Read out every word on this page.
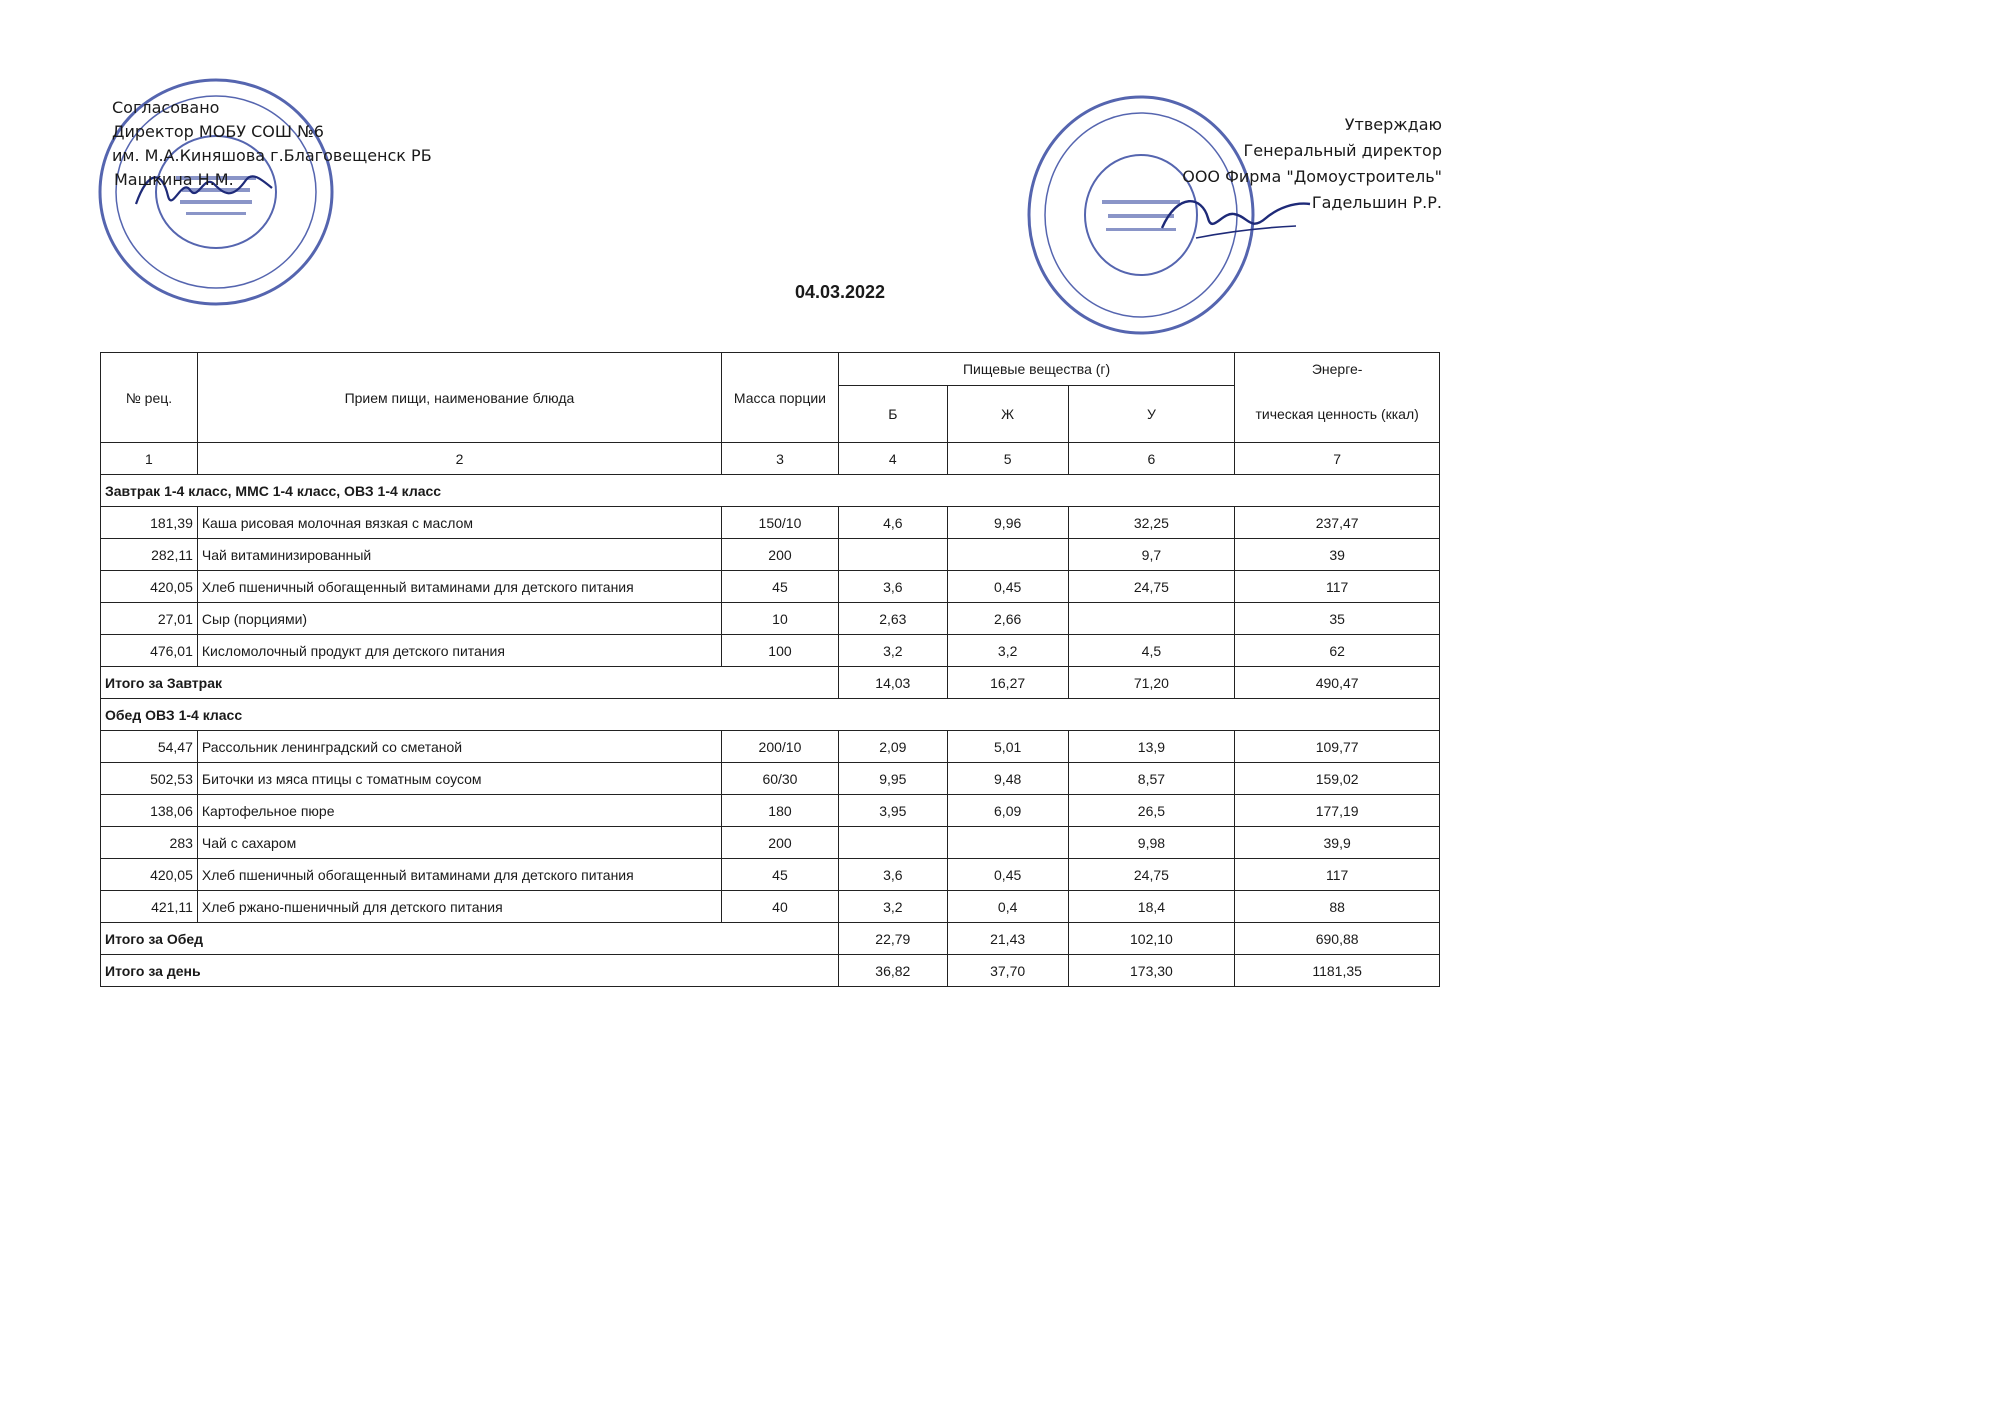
Согласовано
Директор МОБУ СОШ №6
им. М.А.Киняшова г.Благовещенск РБ
Машкина Н.М.
Утверждаю
Генеральный директор
ООО Фирма "Домоустроитель"
Гадельшин Р.Р.
04.03.2022
№ рец.	Прием пищи, наименование блюда	Масса порции	Пищевые вещества (г)			Энерге-
			Б	Ж	У	тическая ценность (ккал)
1	2	3	4	5	6	7
Завтрак 1-4 класс, ММС 1-4 класс, ОВЗ 1-4 класс						
181,39	Каша рисовая молочная вязкая с маслом	150/10	4,6	9,96	32,25	237,47
282,11	Чай витаминизированный	200			9,7	39
420,05	Хлеб пшеничный обогащенный витаминами для детского питания	45	3,6	0,45	24,75	117
27,01	Сыр (порциями)	10	2,63	2,66		35
476,01	Кисломолочный продукт для детского питания	100	3,2	3,2	4,5	62
Итого за Завтрак			14,03	16,27	71,20	490,47
Обед ОВЗ 1-4 класс						
54,47	Рассольник ленинградский со сметаной	200/10	2,09	5,01	13,9	109,77
502,53	Биточки из мяса птицы с томатным соусом	60/30	9,95	9,48	8,57	159,02
138,06	Картофельное пюре	180	3,95	6,09	26,5	177,19
283	Чай с сахаром	200			9,98	39,9
420,05	Хлеб пшеничный обогащенный витаминами для детского питания	45	3,6	0,45	24,75	117
421,11	Хлеб ржано-пшеничный для детского питания	40	3,2	0,4	18,4	88
Итого за Обед			22,79	21,43	102,10	690,88
Итого за день			36,82	37,70	173,30	1181,35
